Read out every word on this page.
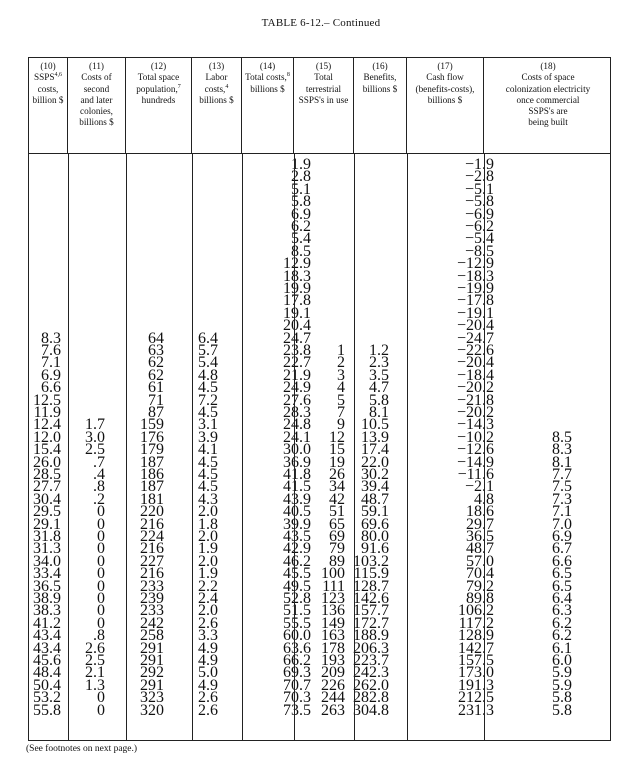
TABLE 6-12.– Continued
(10)
SSPS$^{4,6}$
costs,
billion $
(11)
Costs of
second
and later
colonies,
billions $
(12)
Total space
population,$^7$
hundreds
(13)
Labor
costs,$^4$
billions $
(14)
Total costs,$^8$
billions $
(15)
Total
terrestrial
SSPS's in use
(16)
Benefits,
billions $
(17)
Cash flow
(benefits-costs),
billions $
(18)
Costs of space
colonization electricity
once commercial
SSPS's are
being built
1.9
2.8
5.1
5.8
6.9
6.2
5.4
8.5
12.9
18.3
19.9
17.8
19.1
20.4
24.7
23.8
22.7
21.9
24.9
27.6
28.3
24.8
24.1
30.0
36.9
41.8
41.5
43.9
40.5
39.9
43.5
42.9
46.2
45.5
49.5
52.8
51.5
55.5
60.0
63.6
66.2
69.3
70.7
70.3
73.5
−1.9
−2.8
−5.1
−5.8
−6.9
−6.2
−5.4
−8.5
−12.9
−18.3
−19.9
−17.8
−19.1
−20.4
−24.7
−22.6
−20.4
−18.4
−20.2
−21.8
−20.2
−14.3
−10.2
−12.6
−14.9
−11.6
−2.1
4.8
18.6
29.7
36.5
48.7
57.0
70.4
79.2
89.8
106.2
117.2
128.9
142.7
157.5
173.0
191.3
212.5
231.3
8.3
7.6
7.1
6.9
6.6
12.5
11.9
12.4
12.0
15.4
26.0
28.5
27.7
30.4
29.5
29.1
31.8
31.3
34.0
33.4
36.5
38.9
38.3
41.2
43.4
43.4
45.6
48.4
50.4
53.2
55.8
64
63
62
62
61
71
87
159
176
179
187
186
187
181
220
216
224
216
227
216
233
239
233
242
258
291
291
292
291
323
320
6.4
5.7
5.4
4.8
4.5
7.2
4.5
3.1
3.9
4.1
4.5
4.5
4.5
4.3
2.0
1.8
2.0
1.9
2.0
1.9
2.2
2.4
2.0
2.6
3.3
4.9
4.9
5.0
4.9
2.6
2.6
1.7
3.0
2.5
.7
.4
.8
.2
0
0
0
0
0
0
0
0
0
0
.8
2.6
2.5
2.1
1.3
0
0
1
2
3
4
5
7
9
12
15
19
26
34
42
51
65
69
79
89
100
111
123
136
149
163
178
193
209
226
244
263
1.2
2.3
3.5
4.7
5.8
8.1
10.5
13.9
17.4
22.0
30.2
39.4
48.7
59.1
69.6
80.0
91.6
103.2
115.9
128.7
142.6
157.7
172.7
188.9
206.3
223.7
242.3
262.0
282.8
304.8
8.5
8.3
8.1
7.7
7.5
7.3
7.1
7.0
6.9
6.7
6.6
6.5
6.5
6.4
6.3
6.2
6.2
6.1
6.0
5.9
5.9
5.8
5.8
(See footnotes on next page.)
